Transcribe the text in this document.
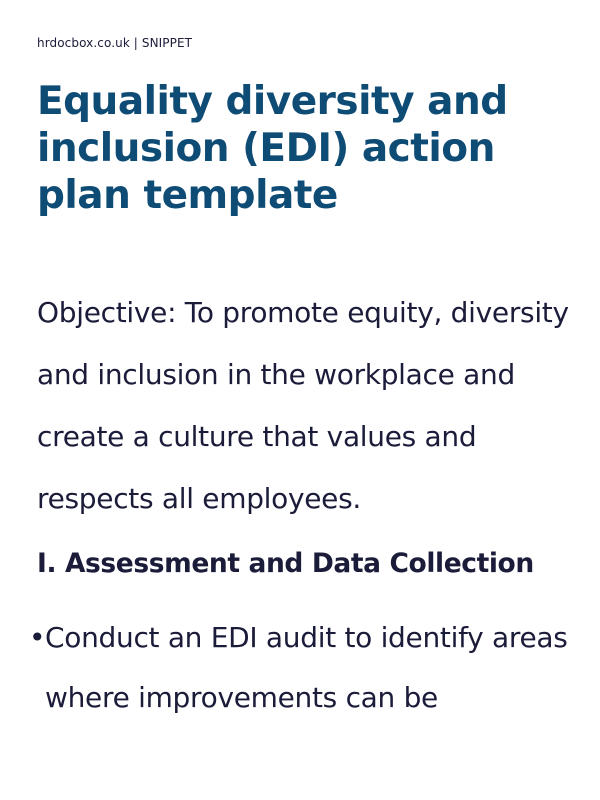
hrdocbox.co.uk | SNIPPET
Equality diversity and inclusion (EDI) action plan template

Objective: To promote equity, diversity and inclusion in the workplace and create a culture that values and respects all employees.

I. Assessment and Data Collection
• Conduct an EDI audit to identify areas where improvements can be
